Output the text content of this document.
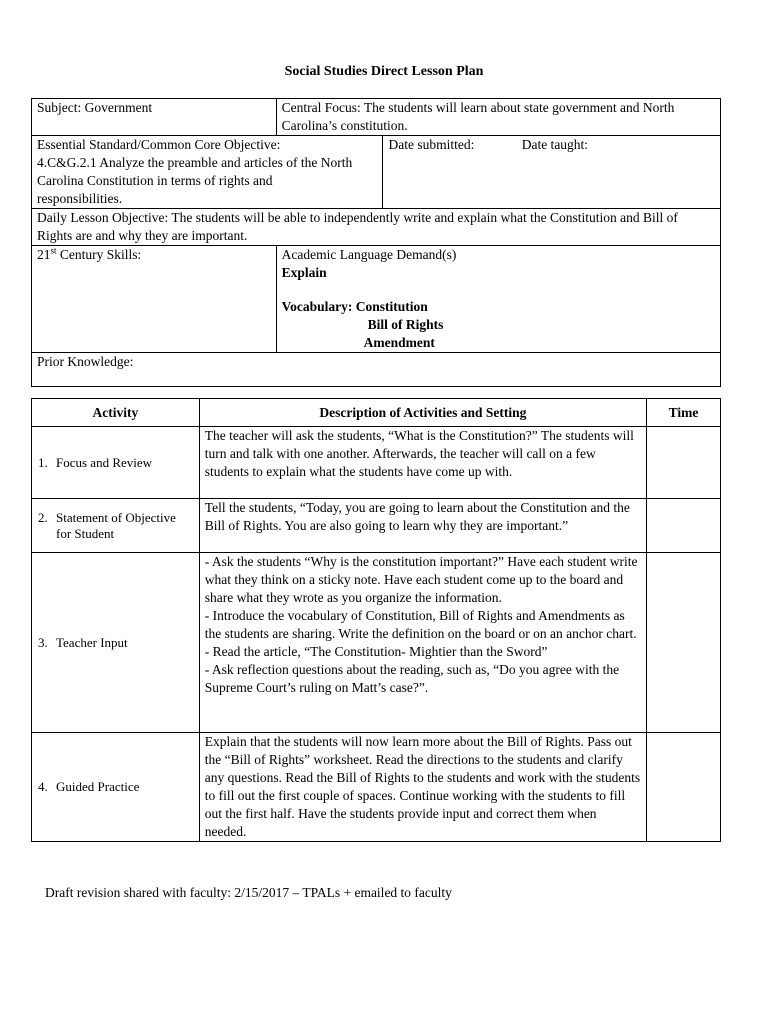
Social Studies Direct Lesson Plan
Subject: Government	Central Focus: The students will learn about state government and North Carolina’s constitution.	

Essential Standard/Common Core Objective:
4.C&G.2.1 Analyze the preamble and articles of the North Carolina Constitution in terms of rights and responsibilities.		Date submitted: Date taught:
Daily Lesson Objective: The students will be able to independently write and explain what the Constitution and Bill of Rights are and why they are important.		
21st Century Skills:	Academic Language Demand(s)
Explain
Vocabulary: Constitution
Bill of Rights
Amendment	

Prior Knowledge:		
Activity	Description of Activities and Setting	Time
1. Focus and Review	The teacher will ask the students, “What is the Constitution?” The students will turn and talk with one another. Afterwards, the teacher will call on a few students to explain what the students have come up with.	

2. Statement of Objective
for Student	Tell the students, “Today, you are going to learn about the Constitution and the Bill of Rights. You are also going to learn why they are important.”	

3. Teacher Input	- Ask the students “Why is the constitution important?” Have each student write what they think on a sticky note. Have each student come up to the board and share what they wrote as you organize the information.
- Introduce the vocabulary of Constitution, Bill of Rights and Amendments as the students are sharing. Write the definition on the board or on an anchor chart.
- Read the article, “The Constitution- Mightier than the Sword”
- Ask reflection questions about the reading, such as, “Do you agree with the Supreme Court’s ruling on Matt’s case?”.	

4. Guided Practice	Explain that the students will now learn more about the Bill of Rights. Pass out the “Bill of Rights” worksheet. Read the directions to the students and clarify any questions. Read the Bill of Rights to the students and work with the students to fill out the first couple of spaces. Continue working with the students to fill out the first half. Have the students provide input and correct them when needed.	

Draft revision shared with faculty: 2/15/2017 – TPALs + emailed to faculty
